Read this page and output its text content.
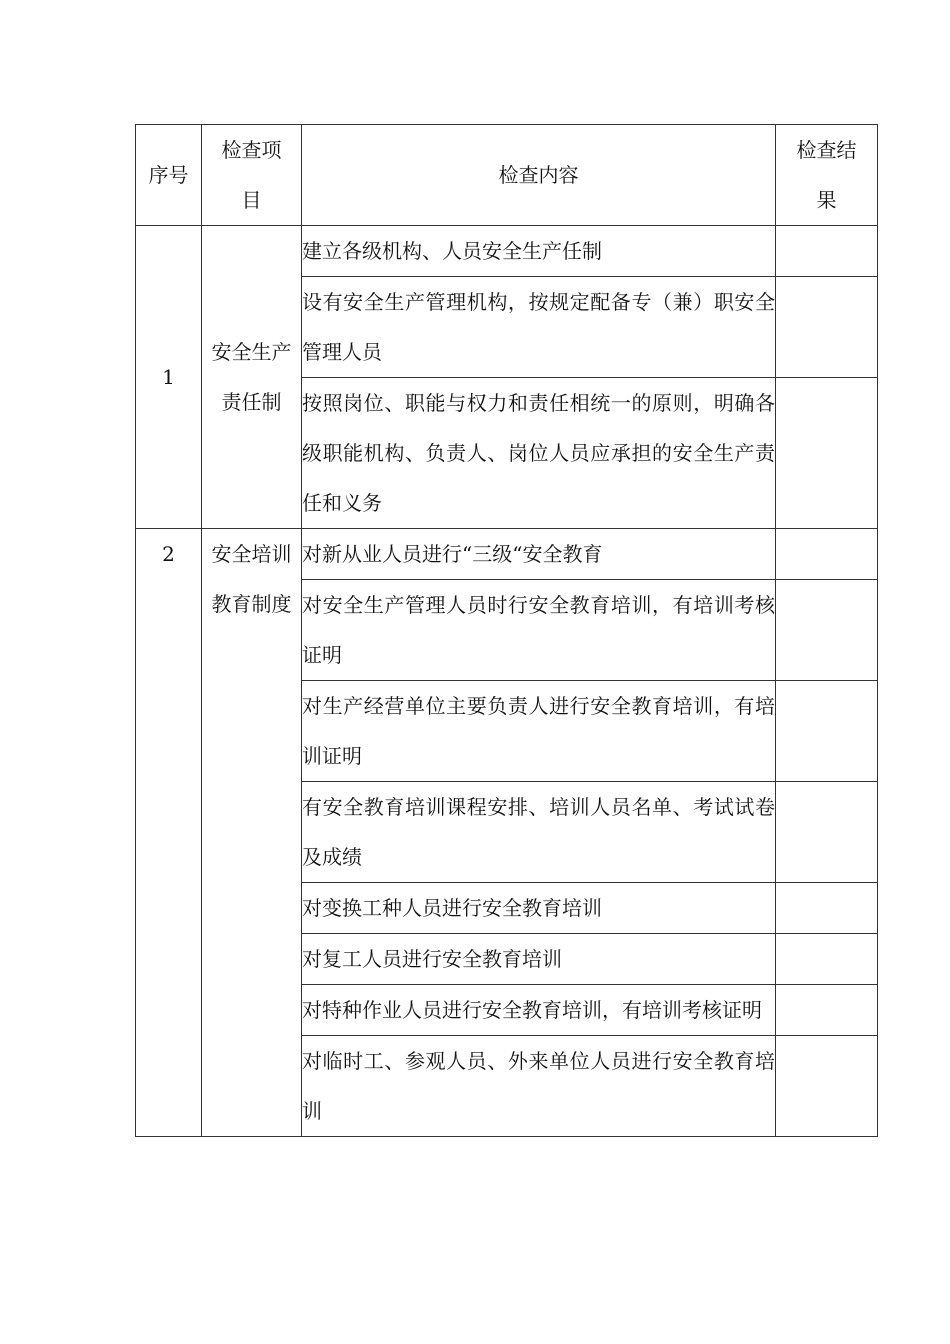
序号	检查项目	检查内容	检查结果

1	安全生产责任制	建立各级机构、人员安全生产任制	
		设有安全生产管理机构，按规定配备专（兼）职安全管理人员	
		按照岗位、职能与权力和责任相统一的原则，明确各级职能机构、负责人、岗位人员应承担的安全生产责任和义务	
2	安全培训教育制度	对新从业人员进行“三级“安全教育	
		对安全生产管理人员时行安全教育培训，有培训考核证明	
		对生产经营单位主要负责人进行安全教育培训，有培训证明	
		有安全教育培训课程安排、培训人员名单、考试试卷及成绩	
		对变换工种人员进行安全教育培训	
		对复工人员进行安全教育培训	
		对特种作业人员进行安全教育培训，有培训考核证明	
		对临时工、参观人员、外来单位人员进行安全教育培训	
